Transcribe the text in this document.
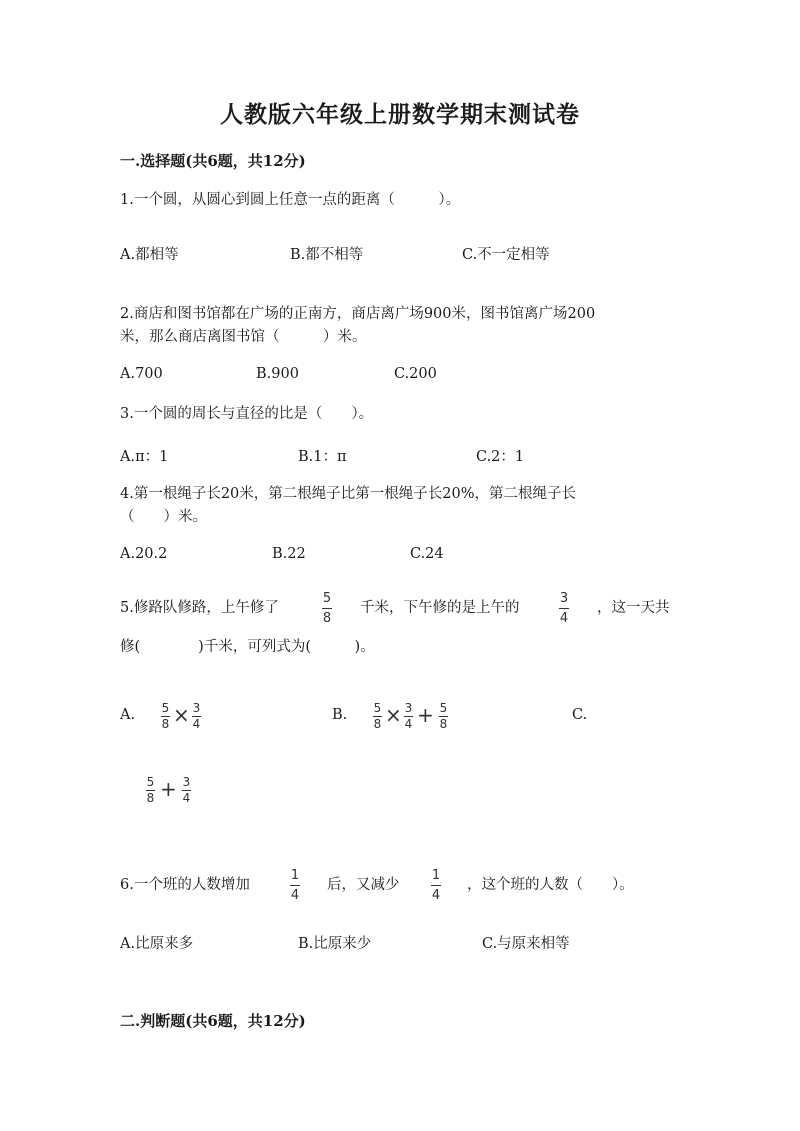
人教版六年级上册数学期末测试卷
一.选择题(共6题，共12分)
1.一个圆，从圆心到圆上任意一点的距离（　　　）。
A.都相等	B.都不相等	C.不一定相等
2.商店和图书馆都在广场的正南方，商店离广场900米，图书馆离广场200
米，那么商店离图书馆（　　　）米。
A.700	B.900	C.200
3.一个圆的周长与直径的比是（　　）。
A.π：1	B.1：π	C.2：1
4.第一根绳子长20米，第二根绳子比第一根绳子长20%，第二根绳子长
（　　）米。
A.20.2	B.22	C.24
5.修路队修路，上午修了
5
8
千米，下午修的是上午的
3
4
，这一天共
修(　　　　)千米，可列式为(　　　)。
A. 5
8 × 3
4
B. 5
8 × 3
4 + 5
8
C.
5
8 + 3
4
6.一个班的人数增加
1
4
后，又减少
1
4
，这个班的人数（　　）。
A.比原来多	B.比原来少	C.与原来相等
二.判断题(共6题，共12分)
